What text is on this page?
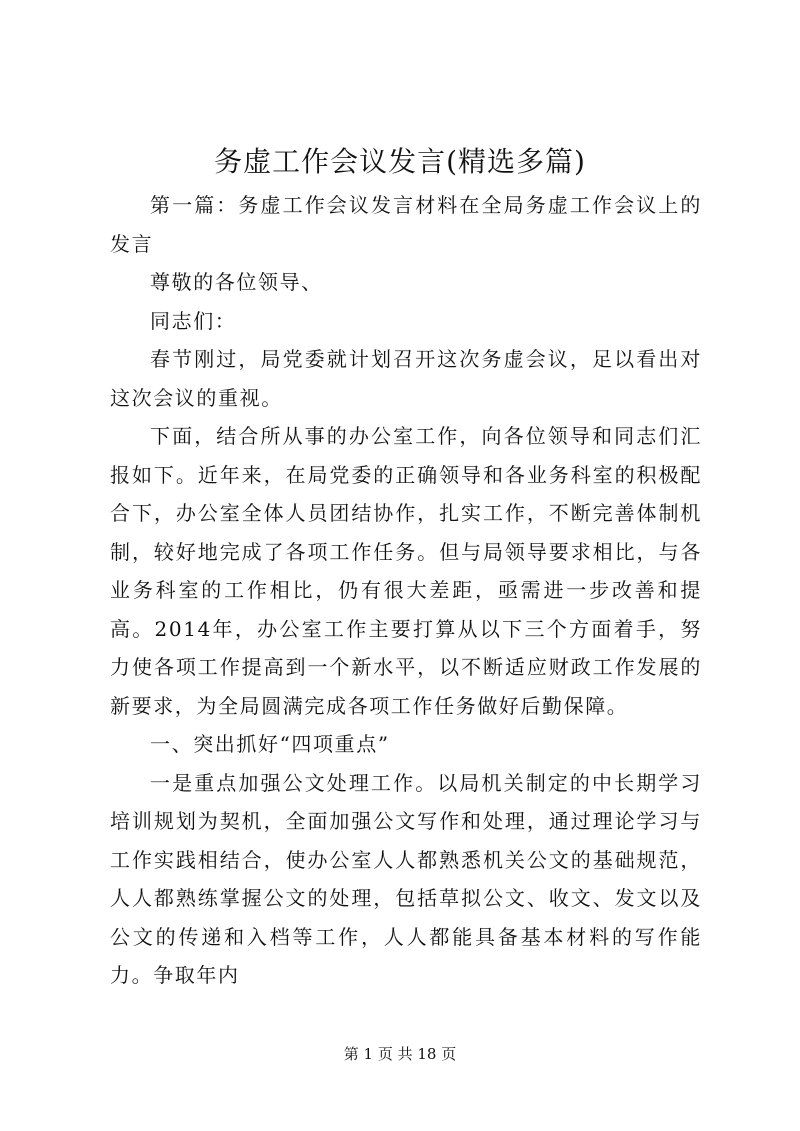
务虚工作会议发言(精选多篇)

第一篇：务虚工作会议发言材料在全局务虚工作会议上的发言

尊敬的各位领导、

同志们：

春节刚过，局党委就计划召开这次务虚会议，足以看出对这次会议的重视。

下面，结合所从事的办公室工作，向各位领导和同志们汇报如下。近年来，在局党委的正确领导和各业务科室的积极配合下，办公室全体人员团结协作，扎实工作，不断完善体制机制，较好地完成了各项工作任务。但与局领导要求相比，与各业务科室的工作相比，仍有很大差距，亟需进一步改善和提高。2014年，办公室工作主要打算从以下三个方面着手，努力使各项工作提高到一个新水平，以不断适应财政工作发展的新要求，为全局圆满完成各项工作任务做好后勤保障。

一、突出抓好“四项重点”

一是重点加强公文处理工作。以局机关制定的中长期学习培训规划为契机，全面加强公文写作和处理，通过理论学习与工作实践相结合，使办公室人人都熟悉机关公文的基础规范，人人都熟练掌握公文的处理，包括草拟公文、收文、发文以及公文的传递和入档等工作，人人都能具备基本材料的写作能力。争取年内

第 1 页 共 18 页
